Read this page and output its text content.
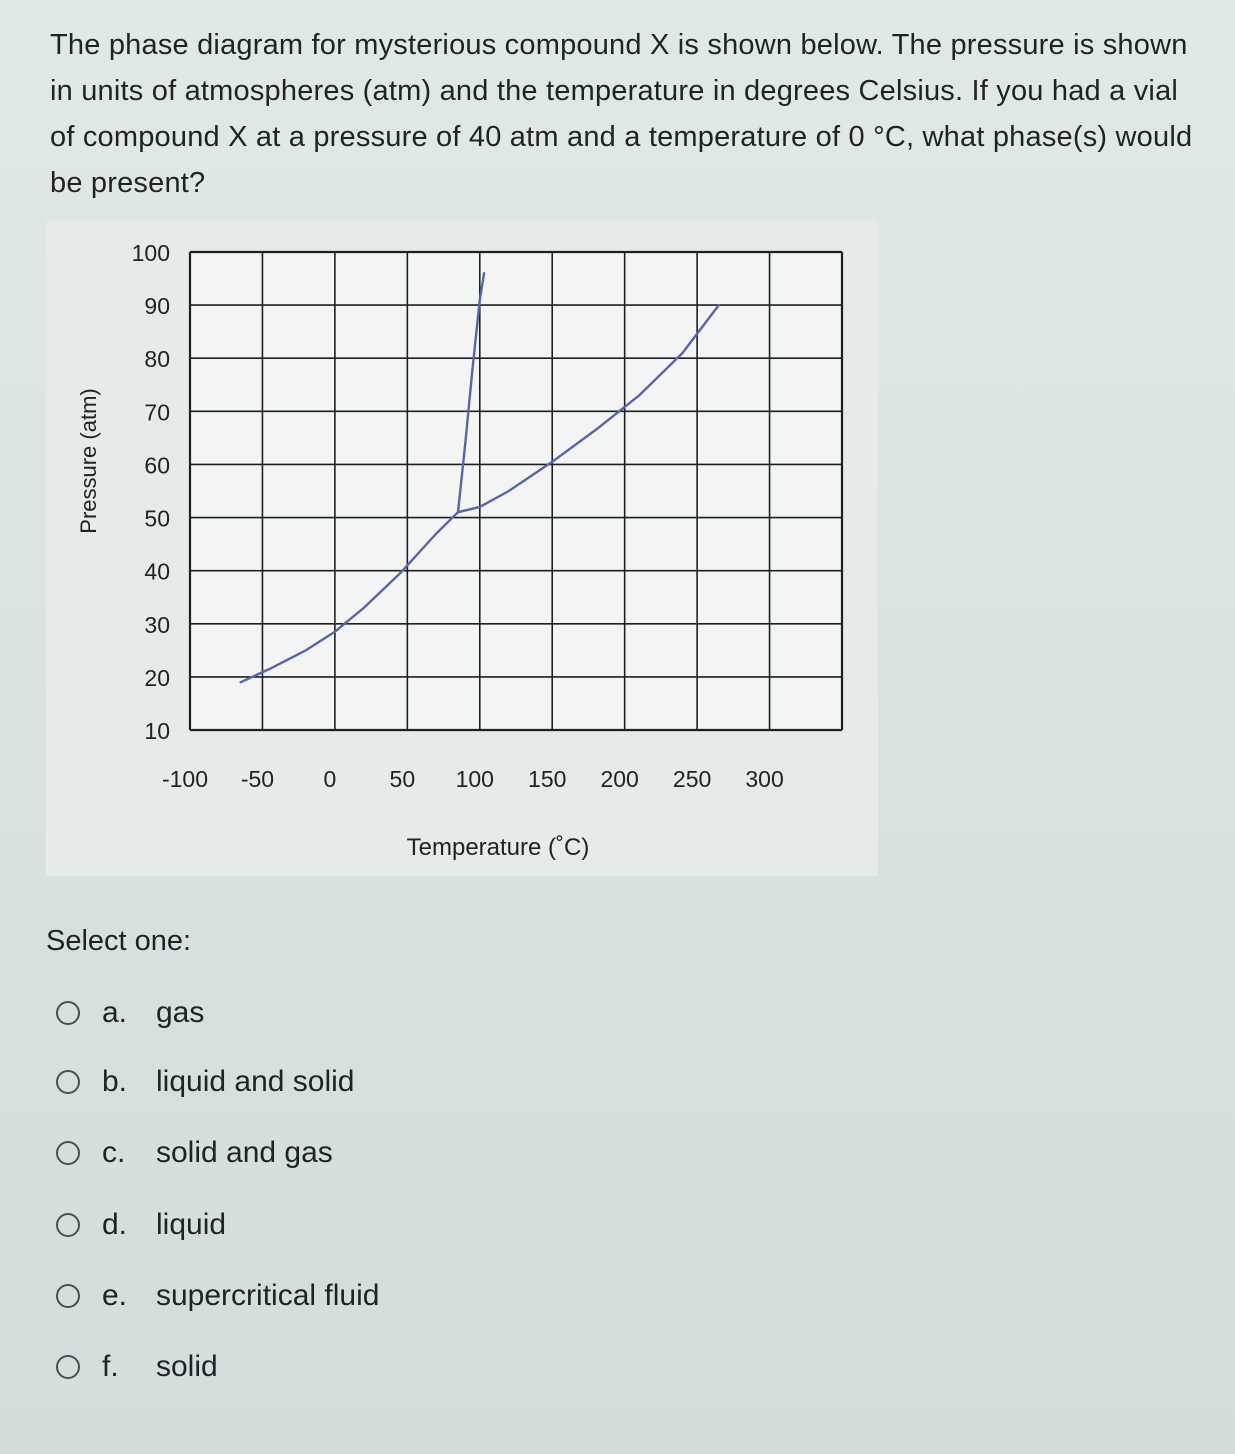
The phase diagram for mysterious compound X is shown below. The pressure is shown in units of atmospheres (atm) and the temperature in degrees Celsius. If you had a vial of compound X at a pressure of 40 atm and a temperature of 0 °C, what phase(s) would be present?

10
20
30
40
50
60
70
80
90
100
-100 -50 0 50 100 150 200 250 300
Temperature (˚C)
Pressure (atm)
Select one:
a. gas
b. liquid and solid
c.	solid and gas
d. liquid
e. supercritical fluid
f.	solid
